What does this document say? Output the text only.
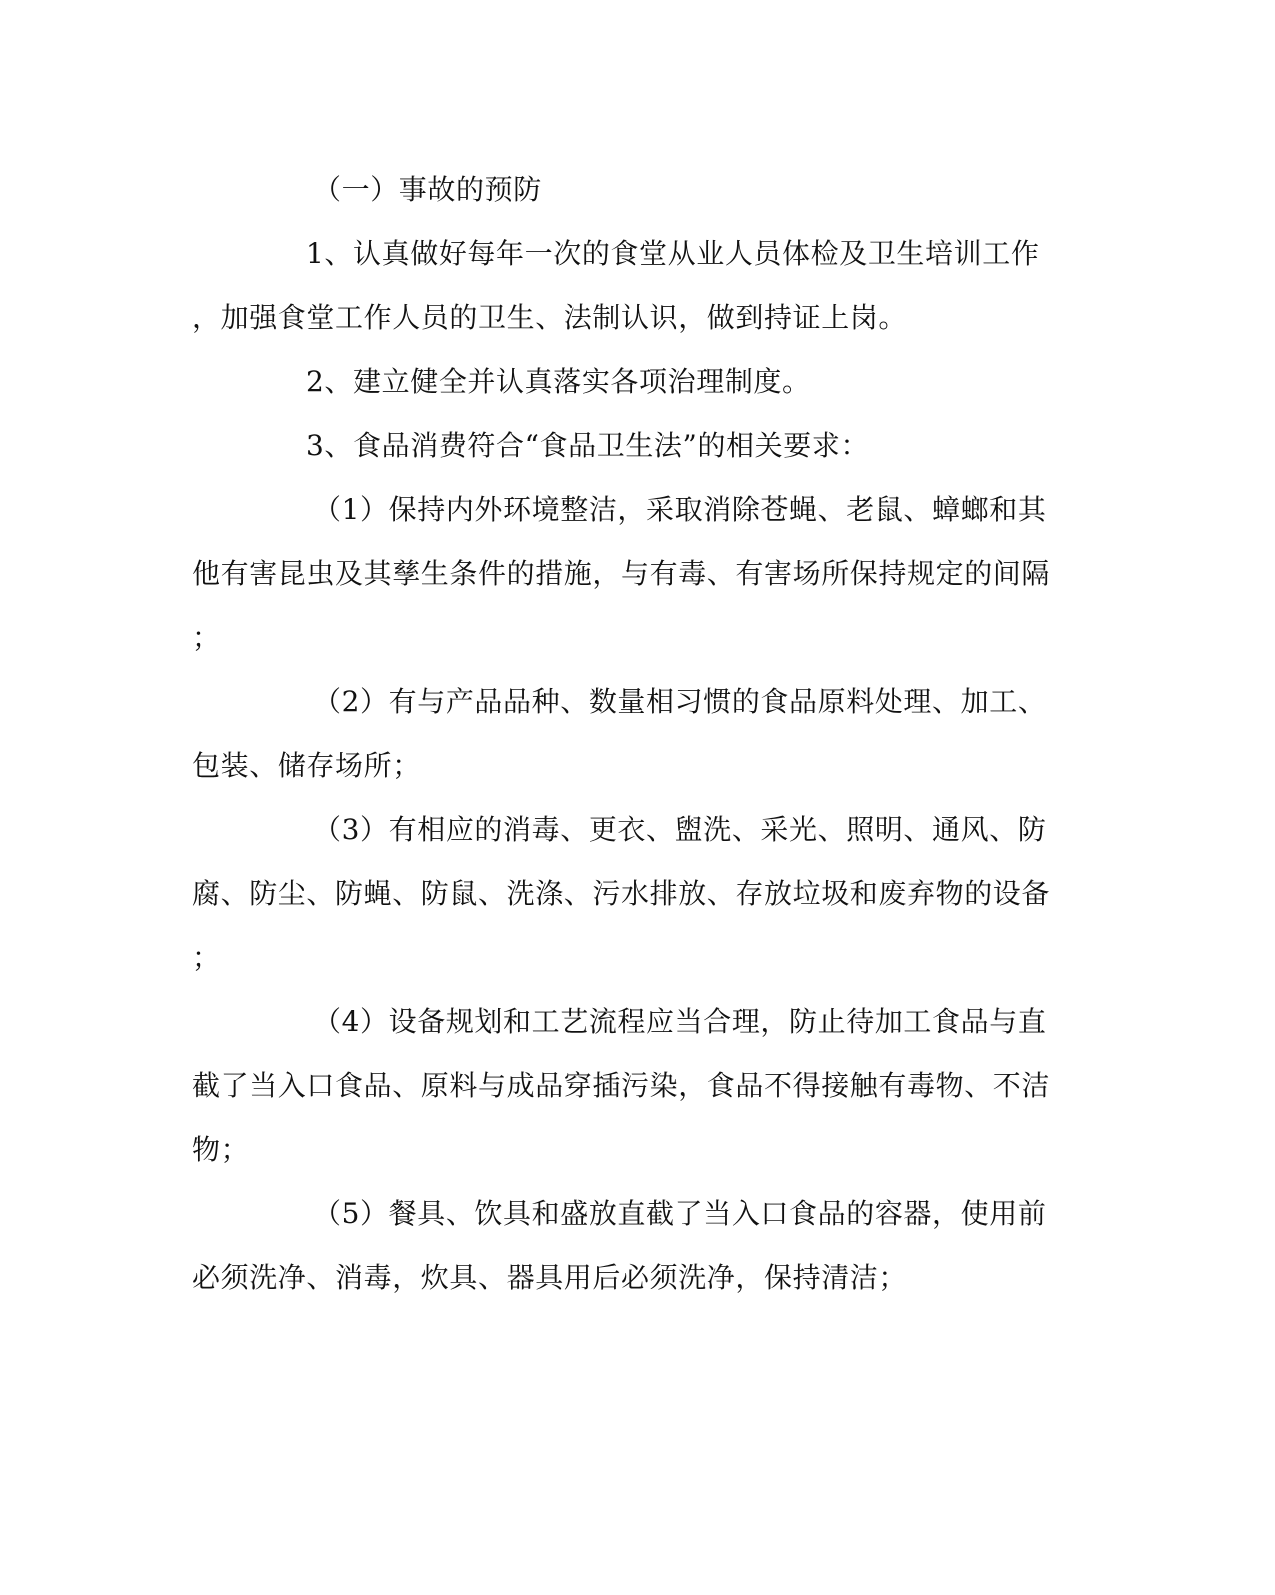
（一）事故的预防
1、认真做好每年一次的食堂从业人员体检及卫生培训工作
，加强食堂工作人员的卫生、法制认识，做到持证上岗。
2、建立健全并认真落实各项治理制度。
3、食品消费符合“食品卫生法”的相关要求：
（1）保持内外环境整洁，采取消除苍蝇、老鼠、蟑螂和其
他有害昆虫及其孳生条件的措施，与有毒、有害场所保持规定的间隔
；
（2）有与产品品种、数量相习惯的食品原料处理、加工、
包装、储存场所；
（3）有相应的消毒、更衣、盥洗、采光、照明、通风、防
腐、防尘、防蝇、防鼠、洗涤、污水排放、存放垃圾和废弃物的设备
；
（4）设备规划和工艺流程应当合理，防止待加工食品与直
截了当入口食品、原料与成品穿插污染，食品不得接触有毒物、不洁
物；
（5）餐具、饮具和盛放直截了当入口食品的容器，使用前
必须洗净、消毒，炊具、器具用后必须洗净，保持清洁；
